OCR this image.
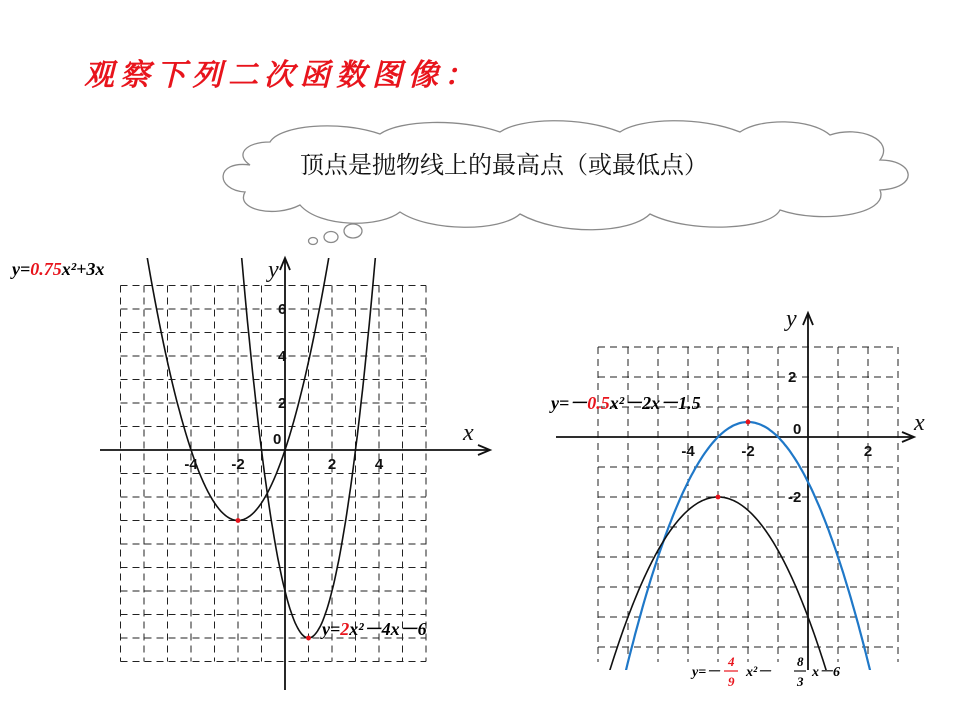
x
y
0
-4 -2	2	4
2
4
6
y=0.75x²+3x
y=2x²－4x－6
x
y
0
-4	-2	2
2
-2
y=－0.5x²－2x－1.5
y=－
4
9
x²－
8
3
x－6
观察下列二次函数图像：
顶点是抛物线上的最高点（或最低点）
